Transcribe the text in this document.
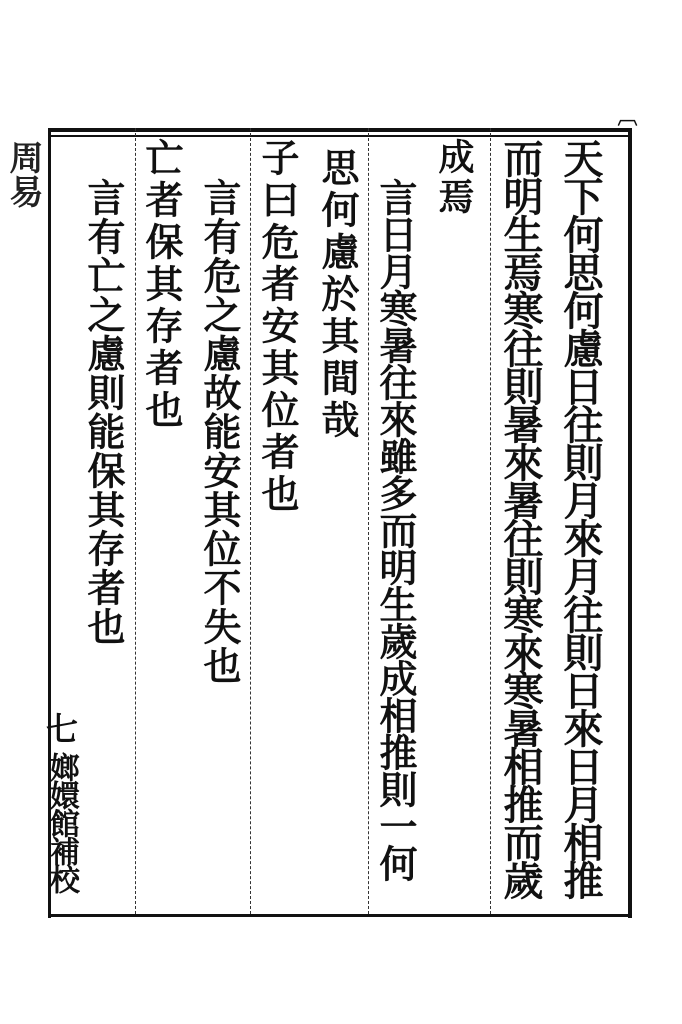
天下何思何慮日往則月來月往則日來日月相推
而明生焉寒往則暑來暑往則寒來寒暑相推而歲
成焉
言日月寒暑往來雖多而明生歲成相推則一何
思何慮於其間哉
子曰危者安其位者也
言有危之慮故能安其位不失也
亡者保其存者也
言有亡之慮則能保其存者也
〔
七
嫏嬛館補校
周易
